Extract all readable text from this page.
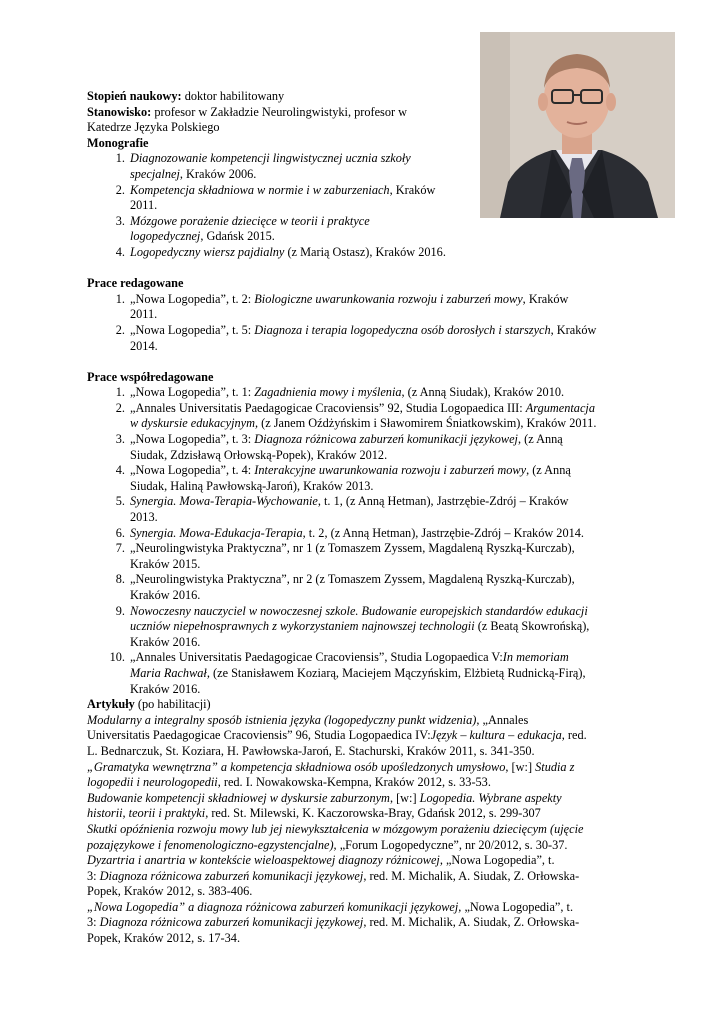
Stopień naukowy: doktor habilitowany
Stanowisko: profesor w Zakładzie Neurolingwistyki, profesor w
Katedrze Języka Polskiego
Monografie
1. Diagnozowanie kompetencji lingwistycznej ucznia szkoły
specjalnej, Kraków 2006.
2. Kompetencja składniowa w normie i w zaburzeniach, Kraków
2011.
3. Mózgowe porażenie dziecięce w teorii i praktyce
logopedycznej, Gdańsk 2015.
4. Logopedyczny wiersz pajdialny (z Marią Ostasz), Kraków 2016.
Prace redagowane
1. „Nowa Logopedia”, t. 2: Biologiczne uwarunkowania rozwoju i zaburzeń mowy, Kraków
2011.
2. „Nowa Logopedia”, t. 5: Diagnoza i terapia logopedyczna osób dorosłych i starszych, Kraków
2014.
Prace współredagowane
1. „Nowa Logopedia”, t. 1: Zagadnienia mowy i myślenia, (z Anną Siudak), Kraków 2010.
2. „Annales Universitatis Paedagogicae Cracoviensis” 92, Studia Logopaedica III: Argumentacja
w dyskursie edukacyjnym, (z Janem Oźdżyńskim i Sławomirem Śniatkowskim), Kraków 2011.
3. „Nowa Logopedia”, t. 3: Diagnoza różnicowa zaburzeń komunikacji językowej, (z Anną
Siudak, Zdzisławą Orłowską-Popek), Kraków 2012.
4. „Nowa Logopedia”, t. 4: Interakcyjne uwarunkowania rozwoju i zaburzeń mowy, (z Anną
Siudak, Haliną Pawłowską-Jaroń), Kraków 2013.
5. Synergia. Mowa-Terapia-Wychowanie, t. 1, (z Anną Hetman), Jastrzębie-Zdrój – Kraków
2013.
6. Synergia. Mowa-Edukacja-Terapia, t. 2, (z Anną Hetman), Jastrzębie-Zdrój – Kraków 2014.
7. „Neurolingwistyka Praktyczna”, nr 1 (z Tomaszem Zyssem, Magdaleną Ryszką-Kurczab),
Kraków 2015.
8. „Neurolingwistyka Praktyczna”, nr 2 (z Tomaszem Zyssem, Magdaleną Ryszką-Kurczab),
Kraków 2016.
9. Nowoczesny nauczyciel w nowoczesnej szkole. Budowanie europejskich standardów edukacji
uczniów niepełnosprawnych z wykorzystaniem najnowszej technologii (z Beatą Skowrońską),
Kraków 2016.
10. „Annales Universitatis Paedagogicae Cracoviensis”, Studia Logopaedica V:In memoriam
Maria Rachwał, (ze Stanisławem Koziarą, Maciejem Mączyńskim, Elżbietą Rudnicką-Firą),
Kraków 2016.
Artykuły (po habilitacji)
Modularny a integralny sposób istnienia języka (logopedyczny punkt widzenia), „Annales
Universitatis Paedagogicae Cracoviensis” 96, Studia Logopaedica IV:Język – kultura – edukacja, red.
L. Bednarczuk, St. Koziara, H. Pawłowska-Jaroń, E. Stachurski, Kraków 2011, s. 341-350.
„Gramatyka wewnętrzna” a kompetencja składniowa osób upośledzonych umysłowo, [w:] Studia z
logopedii i neurologopedii, red. I. Nowakowska-Kempna, Kraków 2012, s. 33-53.
Budowanie kompetencji składniowej w dyskursie zaburzonym, [w:] Logopedia. Wybrane aspekty
historii, teorii i praktyki, red. St. Milewski, K. Kaczorowska-Bray, Gdańsk 2012, s. 299-307
Skutki opóźnienia rozwoju mowy lub jej niewykształcenia w mózgowym porażeniu dziecięcym (ujęcie
pozajęzykowe i fenomenologiczno-egzystencjalne), „Forum Logopedyczne”, nr 20/2012, s. 30-37.
Dyzartria i anartria w kontekście wieloaspektowej diagnozy różnicowej, „Nowa Logopedia”, t.
3: Diagnoza różnicowa zaburzeń komunikacji językowej, red. M. Michalik, A. Siudak, Z. Orłowska-
Popek, Kraków 2012, s. 383-406.
„Nowa Logopedia” a diagnoza różnicowa zaburzeń komunikacji językowej, „Nowa Logopedia”, t.
3: Diagnoza różnicowa zaburzeń komunikacji językowej, red. M. Michalik, A. Siudak, Z. Orłowska-
Popek, Kraków 2012, s. 17-34.
